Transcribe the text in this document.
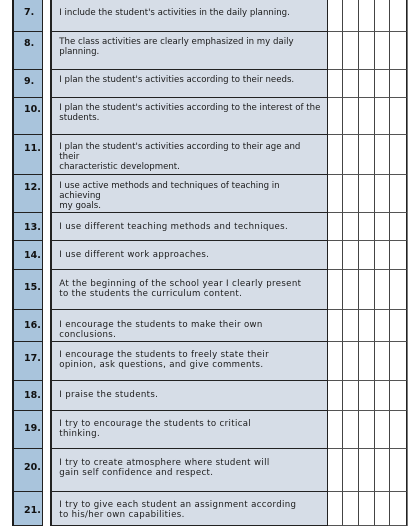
7.	I include the student's activities in the daily planning.
8.	The class activities are clearly emphasized in my daily
planning.
9.	I plan the student's activities according to their needs.
10.	I plan the student's activities according to the interest of the
students.
11.	I plan the student's activities according to their age and their
characteristic development.
12.	I use active methods and techniques of teaching in achieving
my goals.
13.	I use different teaching methods and techniques.
14.	I use different work approaches.
15.	At the beginning of the school year I clearly present
to the students the curriculum content.
16.	I encourage the students to make their own conclusions.
17.	I encourage the students to freely state their
opinion, ask questions, and give comments.
18.	I praise the students.
19.	I try to encourage the students to critical
thinking.
20.	I try to create atmosphere where student will
gain self confidence and respect.
21.	I try to give each student an assignment according
to his/her own capabilities.
